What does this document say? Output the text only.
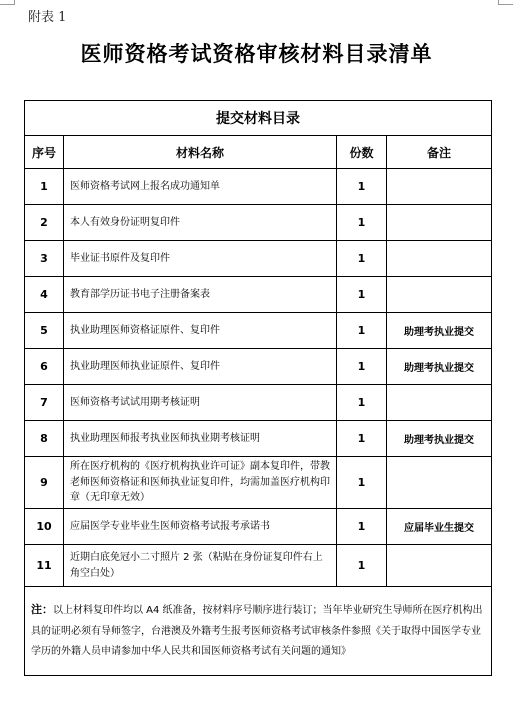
附表 1
医师资格考试资格审核材料目录清单
提交材料目录			
序号	材料名称	份数	备注
1	医师资格考试网上报名成功通知单	1	
2	本人有效身份证明复印件	1	
3	毕业证书原件及复印件	1	
4	教育部学历证书电子注册备案表	1	
5	执业助理医师资格证原件、复印件	1	助理考执业提交
6	执业助理医师执业证原件、复印件	1	助理考执业提交
7	医师资格考试试用期考核证明	1	
8	执业助理医师报考执业医师执业期考核证明	1	助理考执业提交
9	所在医疗机构的《医疗机构执业许可证》副本复印件，带教老师医师资格证和医师执业证复印件，均需加盖医疗机构印章（无印章无效）	1	
10	应届医学专业毕业生医师资格考试报考承诺书	1	应届毕业生提交
11	近期白底免冠小二寸照片 2 张（粘贴在身份证复印件右上角空白处）	1	
注：以上材料复印件均以 A4 纸准备，按材料序号顺序进行装订；当年毕业研究生导师所在医疗机构出具的证明必须有导师签字，台港澳及外籍考生报考医师资格考试审核条件参照《关于取得中国医学专业学历的外籍人员申请参加中华人民共和国医师资格考试有关问题的通知》			
